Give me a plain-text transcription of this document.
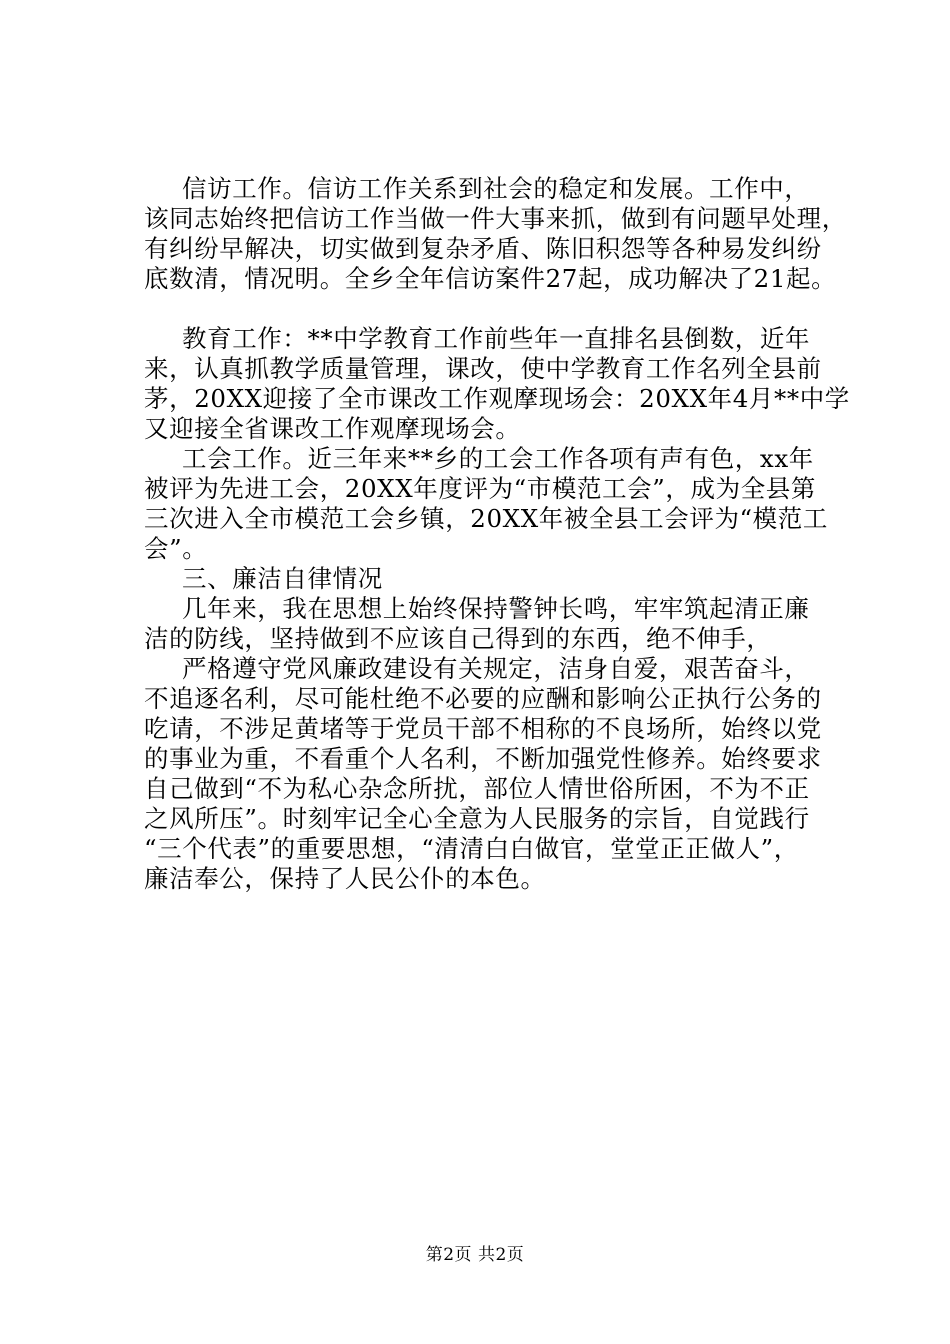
信访工作。信访工作关系到社会的稳定和发展。工作中，
该同志始终把信访工作当做一件大事来抓，做到有问题早处理，
有纠纷早解决，切实做到复杂矛盾、陈旧积怨等各种易发纠纷
底数清，情况明。全乡全年信访案件27起，成功解决了21起。
教育工作：**中学教育工作前些年一直排名县倒数，近年
来，认真抓教学质量管理，课改，使中学教育工作名列全县前
茅，20XX迎接了全市课改工作观摩现场会：20XX年4月**中学
又迎接全省课改工作观摩现场会。
工会工作。近三年来**乡的工会工作各项有声有色，xx年
被评为先进工会，20XX年度评为“市模范工会”，成为全县第
三次进入全市模范工会乡镇，20XX年被全县工会评为“模范工
会”。
三、廉洁自律情况
几年来，我在思想上始终保持警钟长鸣，牢牢筑起清正廉
洁的防线，坚持做到不应该自己得到的东西，绝不伸手，
严格遵守党风廉政建设有关规定，洁身自爱，艰苦奋斗，
不追逐名利，尽可能杜绝不必要的应酬和影响公正执行公务的
吃请，不涉足黄堵等于党员干部不相称的不良场所，始终以党
的事业为重，不看重个人名利，不断加强党性修养。始终要求
自己做到“不为私心杂念所扰，部位人情世俗所困，不为不正
之风所压”。时刻牢记全心全意为人民服务的宗旨，自觉践行
“三个代表”的重要思想，“清清白白做官，堂堂正正做人”，
廉洁奉公，保持了人民公仆的本色。
第2页 共2页
